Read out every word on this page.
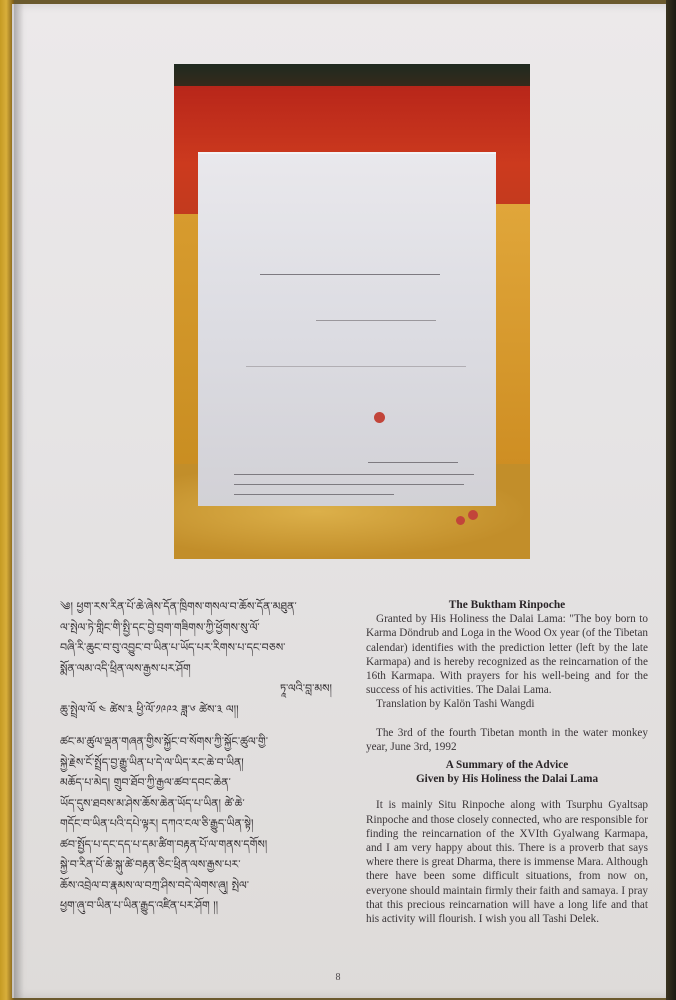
༄། ཕྱག་རས་རིན་པོ་ཆེ་ཞེས་དོན་ཁྲིགས་གསལ་བ་ཆོས་དོན་མཐུན་
ལ་སྤེལ་ཏེ་གླིང་གི་སྤྱི་དང་བྱེ་བྲག་གཟིགས་ཀྱི་ཕྱོགས་སུ་ལོ་
བཞི་རི་ཆུང་བ་བུ་འབྱུང་བ་ཡིན་པ་ཡོད་པར་རིགས་པ་དང་བཅས་
སྨོན་ལམ་འདི་ཕྲིན་ལས་རྒྱས་པར་ཤོག
ཏཱ་ལའི་བླ་མས།
ཆུ་སྤྲེལ་ལོ ༤ ཚེས་༣ ཕྱི་ལོ་༡༩༩༢ ཟླ་༦ ཚེས་༣ ལ།།
ཚང་མ་ཚུལ་ལྡན་གཞན་གྱིས་སྐྱོང་བ་སོགས་ཀྱི་སྐྱོང་ཚུལ་གྱི་
སྐྱེ་རྗེས་ངོ་སྤྲོད་བྱ་རྒྱུ་ཡིན་པ་དེ་ལ་ཡིད་རང་ཆེ་བ་ཡིན།
མཆོད་པ་མེད། གྲུབ་ཐོབ་ཀྱི་རྒྱལ་ཚབ་དབང་ཆེན་
ཡོད་དུས་ཐབས་མ་ཤེས་ཆོས་ཆེན་ཡོད་པ་ཡིན། ཚེ་ཆེ་
གདོང་བ་ཡིན་པའི་དཔེ་ལྟར། དཀའ་ངལ་ཅི་རྒྱུད་ཡིན་སྟེ།
ཚབ་སྤྱོད་པ་དང་དད་པ་དམ་ཚིག་བརྟན་པོ་ལ་གནས་དགོས།
སྐྱེ་བ་རིན་པོ་ཆེ་སྐུ་ཚེ་བརྟན་ཅིང་ཕྲིན་ལས་རྒྱས་པར་
ཆོས་འབྲེལ་བ་རྣམས་ལ་བཀྲ་ཤིས་བདེ་ལེགས་ཞུ། སྤེལ་
ཕྱག་ཞུ་བ་ཡིན་པ་ཡིན་རྒྱུད་འཛིན་པར་ཤོག །།
The Buktham Rinpoche

Granted by His Holiness the Dalai Lama: "The boy born to Karma Döndrub and Loga in the Wood Ox year (of the Tibetan calendar) identifies with the prediction letter (left by the late Karmapa) and is hereby recognized as the reincarnation of the 16th Karmapa. With prayers for his well-being and for the success of his activities. The Dalai Lama.

Translation by Kalön Tashi Wangdi

The 3rd of the fourth Tibetan month in the water monkey year, June 3rd, 1992

A Summary of the Advice
Given by His Holiness the Dalai Lama

It is mainly Situ Rinpoche along with Tsurphu Gyaltsap Rinpoche and those closely connected, who are responsible for finding the reincarnation of the XVIth Gyalwang Karmapa, and I am very happy about this. There is a proverb that says where there is great Dharma, there is immense Mara. Although there have been some difficult situations, from now on, everyone should maintain firmly their faith and samaya. I pray that this precious reincarnation will have a long life and that his activity will flourish. I wish you all Tashi Delek.

8
